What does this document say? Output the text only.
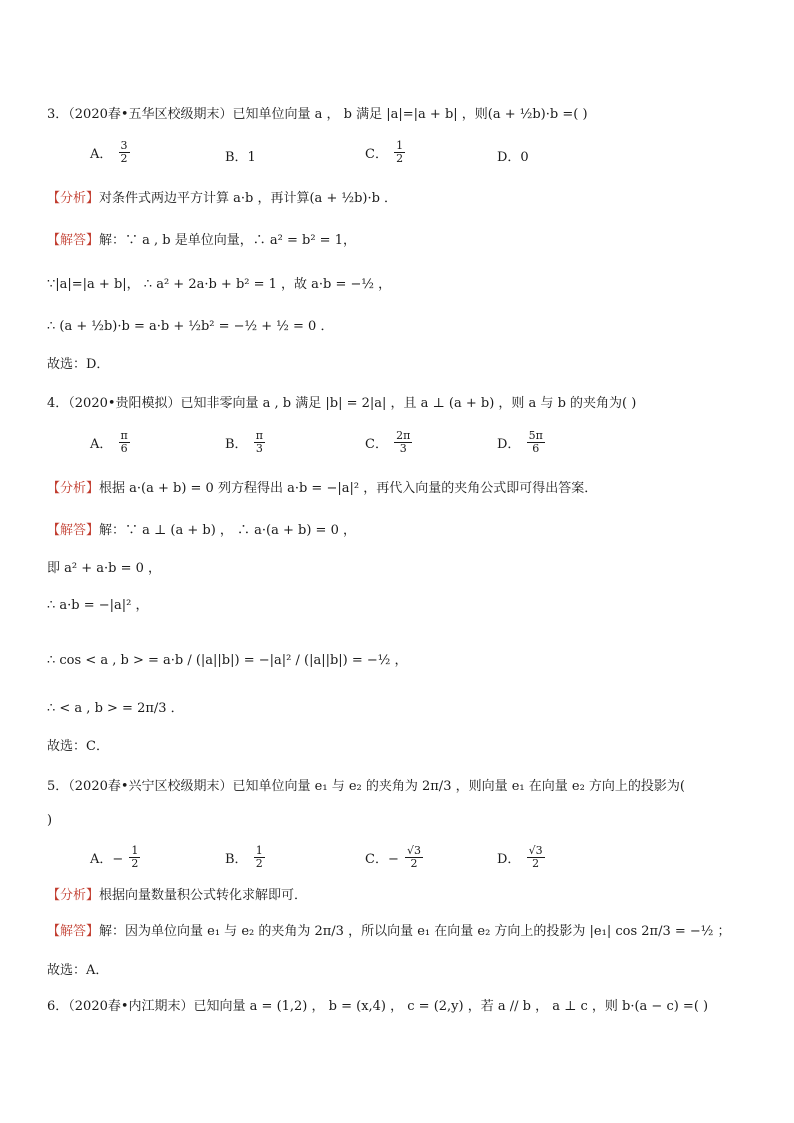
3．（2020春•五华区校级期末）已知单位向量 a ， b 满足 |a|=|a + b| ，则(a + ½b)·b =( )
A． $\frac{3}{2}$	B．1	C． $\frac{1}{2}$	D．0
【分析】对条件式两边平方计算 a·b ，再计算(a + ½b)·b ．
【解答】解：∵ a , b 是单位向量，∴ a² = b² = 1，
∵|a|=|a + b|， ∴ a² + 2a·b + b² = 1 ，故 a·b = −½ ，
∴ (a + ½b)·b = a·b + ½b² = −½ + ½ = 0 ．
故选：D．
4．（2020•贵阳模拟）已知非零向量 a , b 满足 |b| = 2|a| ，且 a ⊥ (a + b) ，则 a 与 b 的夹角为( )
A． $\frac{\pi}{6}$	B． $\frac{\pi}{3}$	C． $\frac{2\pi}{3}$	D． $\frac{5\pi}{6}$
【分析】根据 a·(a + b) = 0 列方程得出 a·b = −|a|² ，再代入向量的夹角公式即可得出答案．
【解答】解：∵ a ⊥ (a + b) ， ∴ a·(a + b) = 0 ，
即 a² + a·b = 0 ，
∴ a·b = −|a|² ，
∴ cos < a , b > = a·b / (|a||b|) = −|a|² / (|a||b|) = −½ ，
∴ < a , b > = 2π/3 ．
故选：C．
5．（2020春•兴宁区校级期末）已知单位向量 e₁ 与 e₂ 的夹角为 2π/3 ，则向量 e₁ 在向量 e₂ 方向上的投影为(
)
A．− $\frac{1}{2}$	B． $\frac{1}{2}$	C．− $\frac{√3}{2}$	D． $\frac{√3}{2}$
【分析】根据向量数量积公式转化求解即可．
【解答】解：因为单位向量 e₁ 与 e₂ 的夹角为 2π/3 ，所以向量 e₁ 在向量 e₂ 方向上的投影为 |e₁| cos 2π/3 = −½ ；
故选：A．
6．（2020春•内江期末）已知向量 a = (1,2) ， b = (x,4) ， c = (2,y) ，若 a // b ， a ⊥ c ，则 b·(a − c) =( )
